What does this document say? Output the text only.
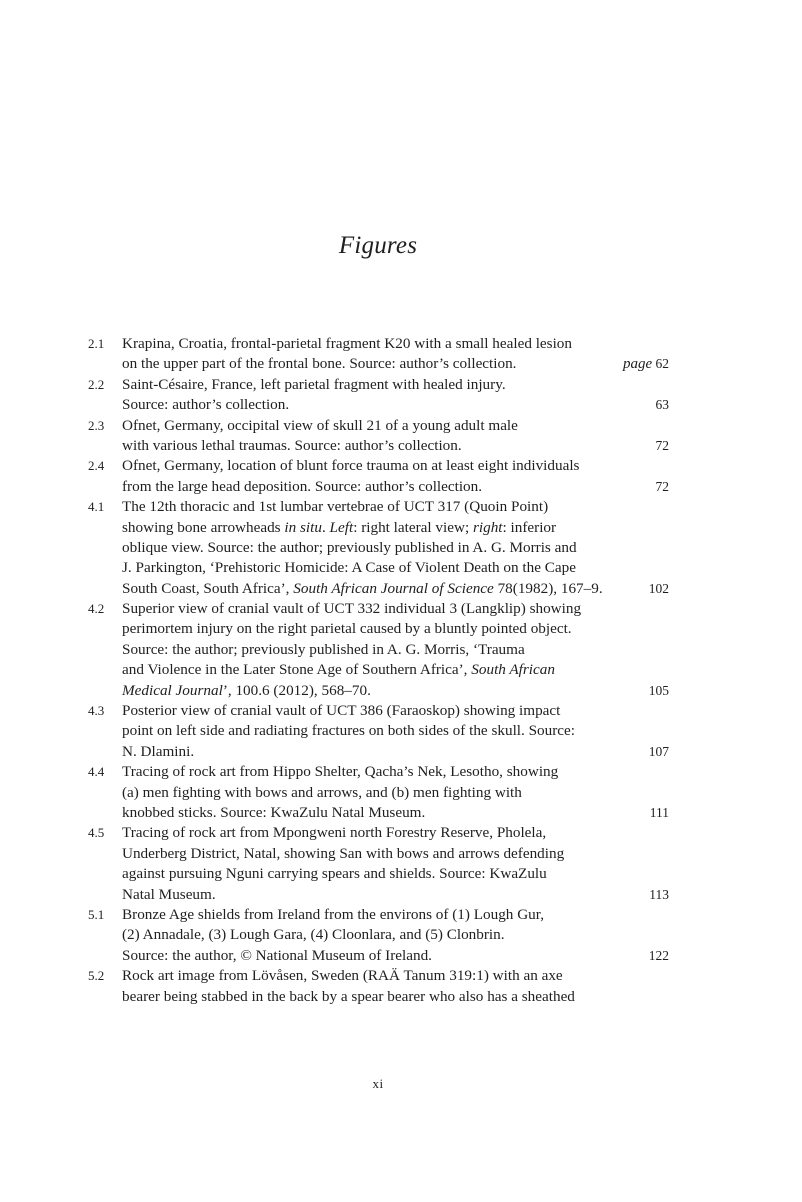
Figures
2.1 Krapina, Croatia, frontal-parietal fragment K20 with a small healed lesion
on the upper part of the frontal bone. Source: author’s collection.	page 62
2.2 Saint-Césaire, France, left parietal fragment with healed injury.
Source: author’s collection.	63
2.3 Ofnet, Germany, occipital view of skull 21 of a young adult male
with various lethal traumas. Source: author’s collection.	72
2.4 Ofnet, Germany, location of blunt force trauma on at least eight individuals
from the large head deposition. Source: author’s collection.	72
4.1 The 12th thoracic and 1st lumbar vertebrae of UCT 317 (Quoin Point)
showing bone arrowheads in situ. Left: right lateral view; right: inferior
oblique view. Source: the author; previously published in A. G. Morris and
J. Parkington, ‘Prehistoric Homicide: A Case of Violent Death on the Cape
South Coast, South Africa’, South African Journal of Science 78(1982), 167–9.	102
4.2 Superior view of cranial vault of UCT 332 individual 3 (Langklip) showing
perimortem injury on the right parietal caused by a bluntly pointed object.
Source: the author; previously published in A. G. Morris, ‘Trauma
and Violence in the Later Stone Age of Southern Africa’, South African
Medical Journal’, 100.6 (2012), 568–70.	105
4.3 Posterior view of cranial vault of UCT 386 (Faraoskop) showing impact
point on left side and radiating fractures on both sides of the skull. Source:
N. Dlamini.	107
4.4 Tracing of rock art from Hippo Shelter, Qacha’s Nek, Lesotho, showing
(a) men fighting with bows and arrows, and (b) men fighting with
knobbed sticks. Source: KwaZulu Natal Museum.	111
4.5 Tracing of rock art from Mpongweni north Forestry Reserve, Pholela,
Underberg District, Natal, showing San with bows and arrows defending
against pursuing Nguni carrying spears and shields. Source: KwaZulu
Natal Museum.	113
5.1 Bronze Age shields from Ireland from the environs of (1) Lough Gur,
(2) Annadale, (3) Lough Gara, (4) Cloonlara, and (5) Clonbrin.
Source: the author, © National Museum of Ireland.	122
5.2 Rock art image from Lövåsen, Sweden (RAÄ Tanum 319:1) with an axe
bearer being stabbed in the back by a spear bearer who also has a sheathed
xi
